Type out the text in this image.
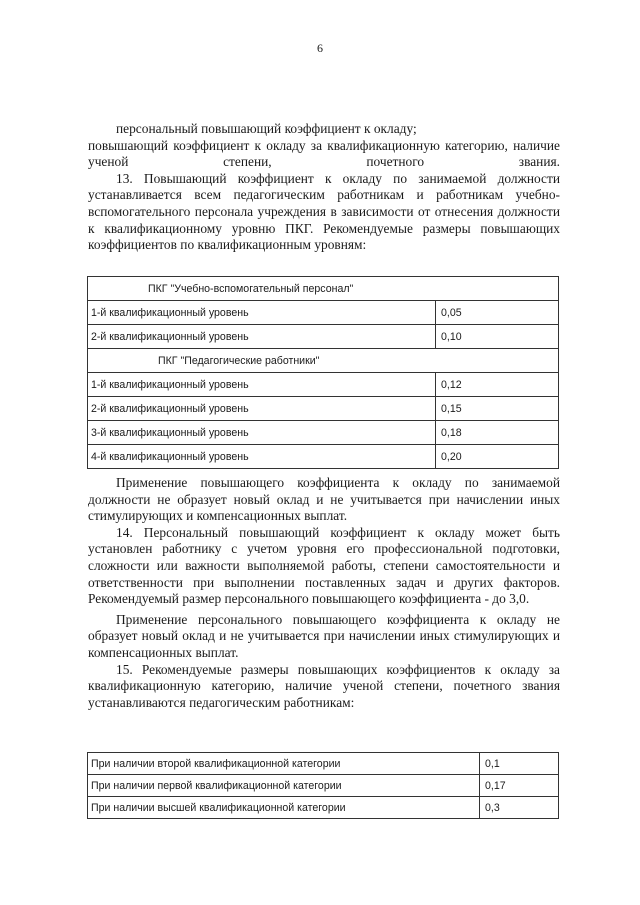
6

персональный повышающий коэффициент к окладу;

повышающий коэффициент к окладу за квалификационную категорию, наличие ученой степени, почетного звания.

13. Повышающий коэффициент к окладу по занимаемой должности устанавливается всем педагогическим работникам и работникам учебно-вспомогательного персонала учреждения в зависимости от отнесения должности к квалификационному уровню ПКГ. Рекомендуемые размеры повышающих коэффициентов по квалификационным уровням:

ПКГ "Учебно-вспомогательный персонал"	
1-й квалификационный уровень	0,05
2-й квалификационный уровень	0,10
ПКГ "Педагогические работники"	
1-й квалификационный уровень	0,12
2-й квалификационный уровень	0,15
3-й квалификационный уровень	0,18
4-й квалификационный уровень	0,20

Применение повышающего коэффициента к окладу по занимаемой должности не образует новый оклад и не учитывается при начислении иных стимулирующих и компенсационных выплат.

14. Персональный повышающий коэффициент к окладу может быть установлен работнику с учетом уровня его профессиональной подготовки, сложности или важности выполняемой работы, степени самостоятельности и ответственности при выполнении поставленных задач и других факторов. Рекомендуемый размер персонального повышающего коэффициента - до 3,0.

Применение персонального повышающего коэффициента к окладу не образует новый оклад и не учитывается при начислении иных стимулирующих и компенсационных выплат.

15. Рекомендуемые размеры повышающих коэффициентов к окладу за квалификационную категорию, наличие ученой степени, почетного звания устанавливаются педагогическим работникам:

При наличии второй квалификационной категории	0,1
При наличии первой квалификационной категории	0,17
При наличии высшей квалификационной категории	0,3
